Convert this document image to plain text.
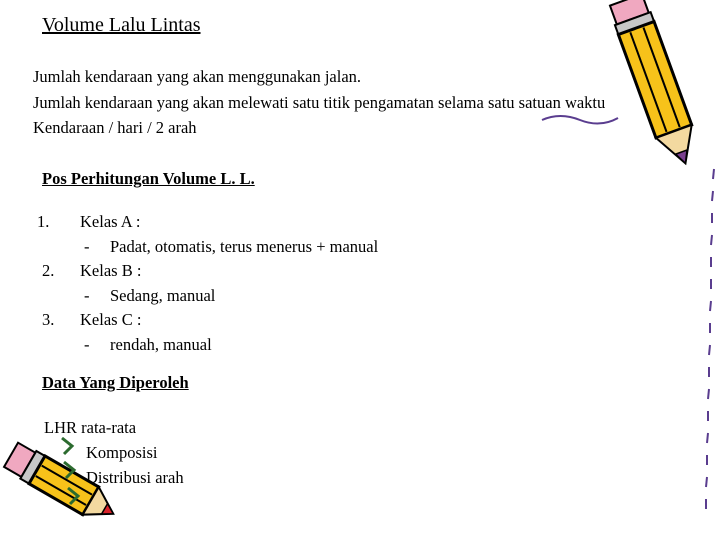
Volume Lalu Lintas
Jumlah kendaraan yang akan menggunakan jalan.
Jumlah kendaraan yang akan melewati satu titik pengamatan selama satu satuan waktu
Kendaraan / hari / 2 arah
Pos Perhitungan Volume L. L.
1. Kelas A :
- Padat, otomatis, terus menerus + manual
2. Kelas B :
- Sedang, manual
3. Kelas C :
- rendah, manual
Data Yang Diperoleh
LHR rata-rata
Komposisi
Distribusi arah
